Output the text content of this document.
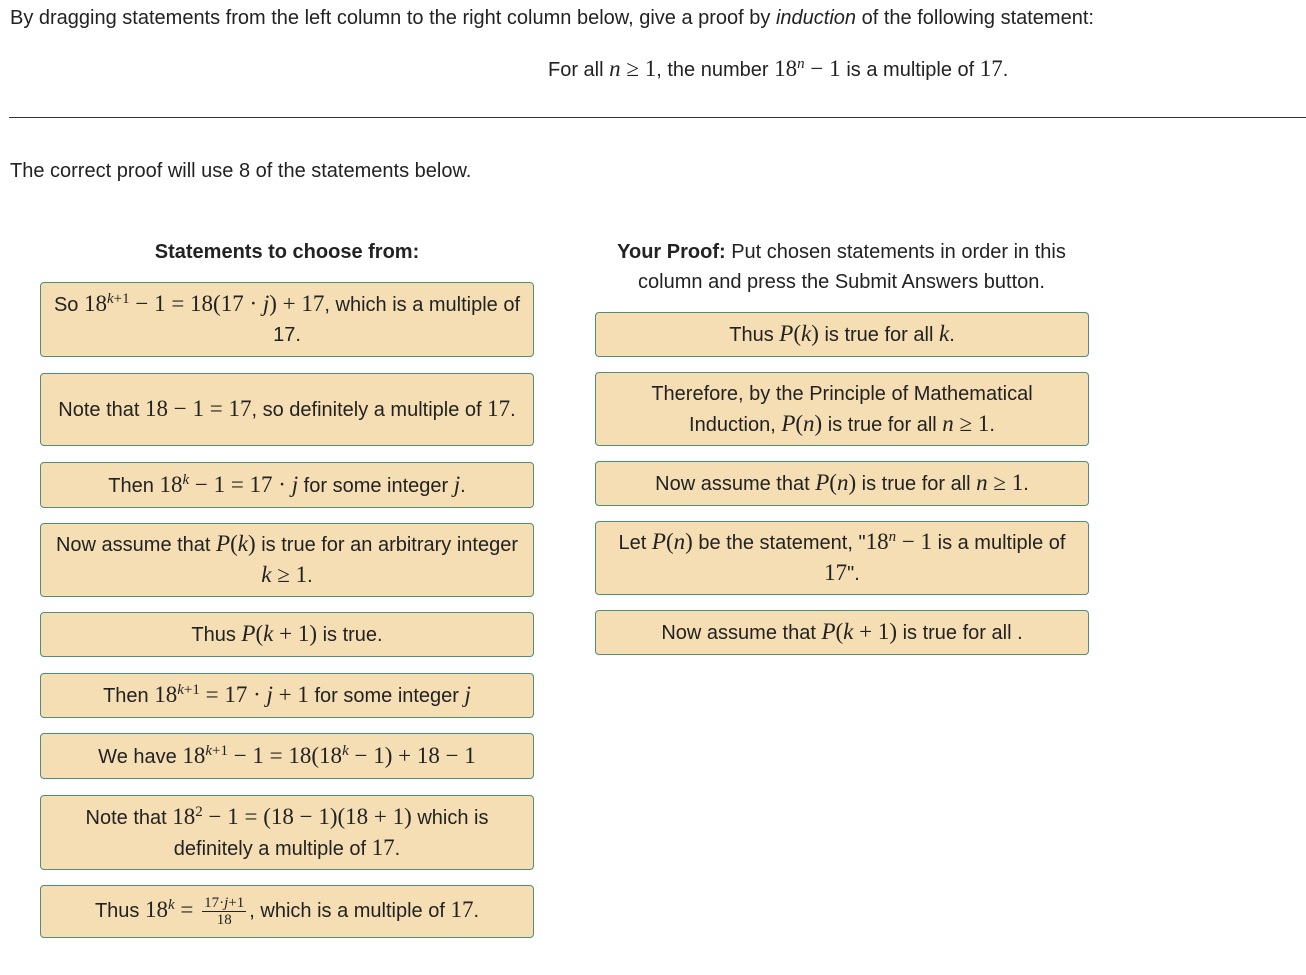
By dragging statements from the left column to the right column below, give a proof by induction of the following statement:
For all n ≥ 1, the number $18^n - 1$ is a multiple of 17.
The correct proof will use 8 of the statements below.
Statements to choose from:	Your Proof: Put chosen statements in order in this column and press the Submit Answers button.
So $18^{k+1} - 1 = 18(17 \cdot j) + 17$, which is a multiple of 17.
Note that 18 − 1 = 17, so definitely a multiple of 17.
Then $18^k - 1 = 17 \cdot j$ for some integer j.
Now assume that P(k) is true for an arbitrary integer k ≥ 1.
Thus P(k + 1) is true.
Then $18^{k+1} = 17 \cdot j + 1$ for some integer j
We have $18^{k+1} - 1 = 18(18^k - 1) + 18 - 1$
Note that $18^2 - 1 = (18 - 1)(18 + 1)$ which is definitely a multiple of 17.
Thus $18^k = \frac{17\cdot j+1}{18}$ , which is a multiple of 17.
Thus P(k) is true for all k.
Therefore, by the Principle of Mathematical Induction, P(n) is true for all n ≥ 1.
Now assume that P(n) is true for all n ≥ 1.
Let P(n) be the statement, "$18^n - 1$ is a multiple of 17".
Now assume that P(k + 1) is true for all .
